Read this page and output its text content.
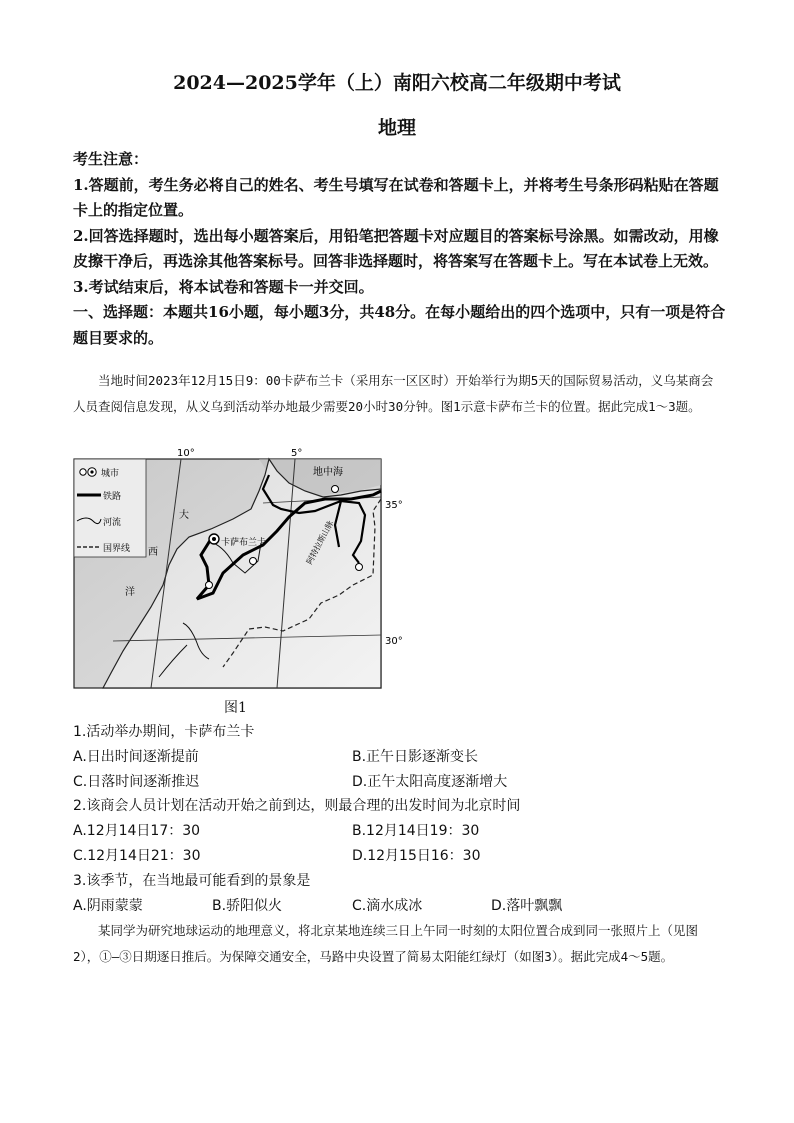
2024—2025学年（上）南阳六校高二年级期中考试
地理
考生注意：
1.答题前，考生务必将自己的姓名、考生号填写在试卷和答题卡上，并将考生号条形码粘贴在答题卡上的指定位置。
2.回答选择题时，选出每小题答案后，用铅笔把答题卡对应题目的答案标号涂黑。如需改动，用橡皮擦干净后，再选涂其他答案标号。回答非选择题时，将答案写在答题卡上。写在本试卷上无效。
3.考试结束后，将本试卷和答题卡一并交回。
一、选择题：本题共16小题，每小题3分，共48分。在每小题给出的四个选项中，只有一项是符合题目要求的。
当地时间2023年12月15日9：00卡萨布兰卡（采用东一区区时）开始举行为期5天的国际贸易活动，义乌某商会人员查阅信息发现，从义乌到活动举办地最少需要20小时30分钟。图1示意卡萨布兰卡的位置。据此完成1～3题。
城市
铁路
河流
国界线
10°	5°
35°
30°
地中海
大
西
洋
卡萨布兰卡	阿特拉斯山脉
图1
1.活动举办期间，卡萨布兰卡
A.日出时间逐渐提前	B.正午日影逐渐变长
C.日落时间逐渐推迟	D.正午太阳高度逐渐增大
2.该商会人员计划在活动开始之前到达，则最合理的出发时间为北京时间
A.12月14日17：30	B.12月14日19：30
C.12月14日21：30	D.12月15日16：30
3.该季节，在当地最可能看到的景象是
A.阴雨蒙蒙	B.骄阳似火	C.滴水成冰	D.落叶飘飘
某同学为研究地球运动的地理意义，将北京某地连续三日上午同一时刻的太阳位置合成到同一张照片上（见图2），①—③日期逐日推后。为保障交通安全，马路中央设置了简易太阳能红绿灯（如图3）。据此完成4～5题。
